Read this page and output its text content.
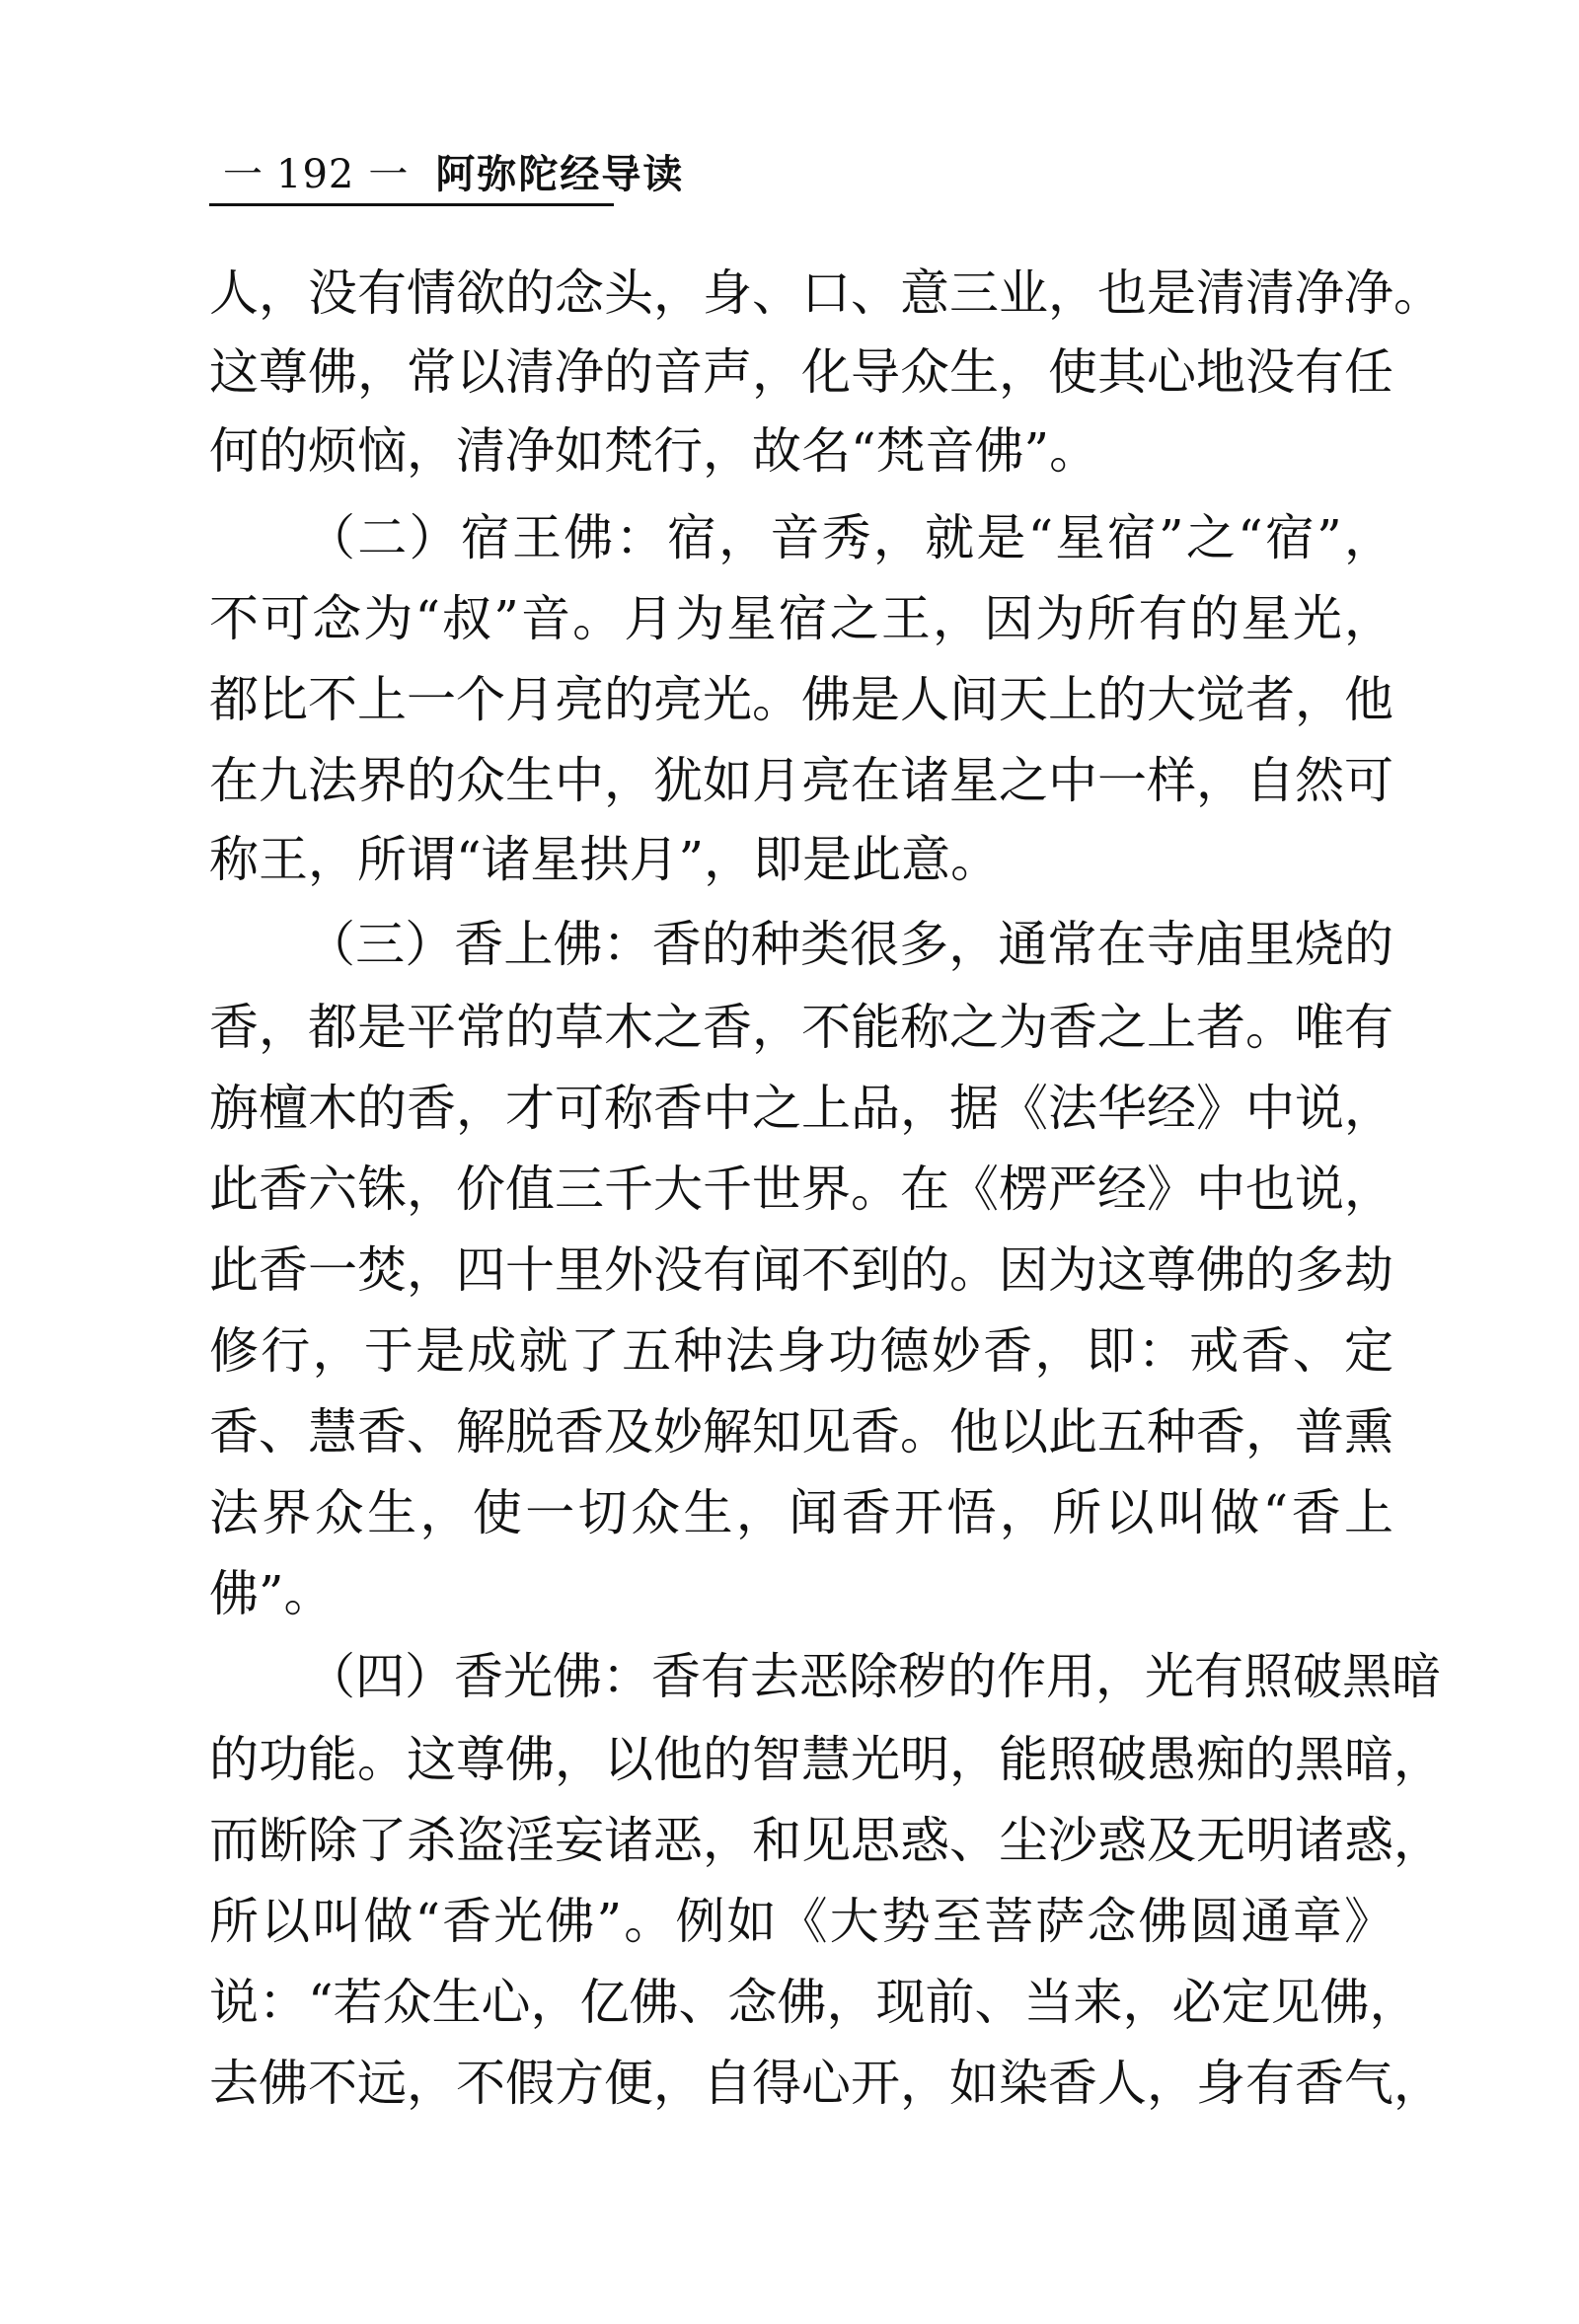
一 192 一 阿弥陀经导读
人，没有情欲的念头，身、口、意三业，也是清清净净。
这尊佛，常以清净的音声，化导众生，使其心地没有任
何的烦恼，清净如梵行，故名“梵音佛”。
（二）宿王佛：宿，音秀，就是“星宿”之“宿”，
不可念为“叔”音。月为星宿之王，因为所有的星光，
都比不上一个月亮的亮光。佛是人间天上的大觉者，他
在九法界的众生中，犹如月亮在诸星之中一样，自然可
称王，所谓“诸星拱月”，即是此意。
（三）香上佛：香的种类很多，通常在寺庙里烧的
香，都是平常的草木之香，不能称之为香之上者。唯有
旃檀木的香，才可称香中之上品，据《法华经》中说，
此香六铢，价值三千大千世界。在《楞严经》中也说，
此香一焚，四十里外没有闻不到的。因为这尊佛的多劫
修行，于是成就了五种法身功德妙香，即：戒香、定
香、慧香、解脱香及妙解知见香。他以此五种香，普熏
法界众生，使一切众生，闻香开悟，所以叫做“香上
佛”。
（四）香光佛：香有去恶除秽的作用，光有照破黑暗
的功能。这尊佛，以他的智慧光明，能照破愚痴的黑暗，
而断除了杀盗淫妄诸恶，和见思惑、尘沙惑及无明诸惑，
所以叫做“香光佛”。例如《大势至菩萨念佛圆通章》
说：“若众生心，亿佛、念佛，现前、当来，必定见佛，
去佛不远，不假方便，自得心开，如染香人，身有香气，
